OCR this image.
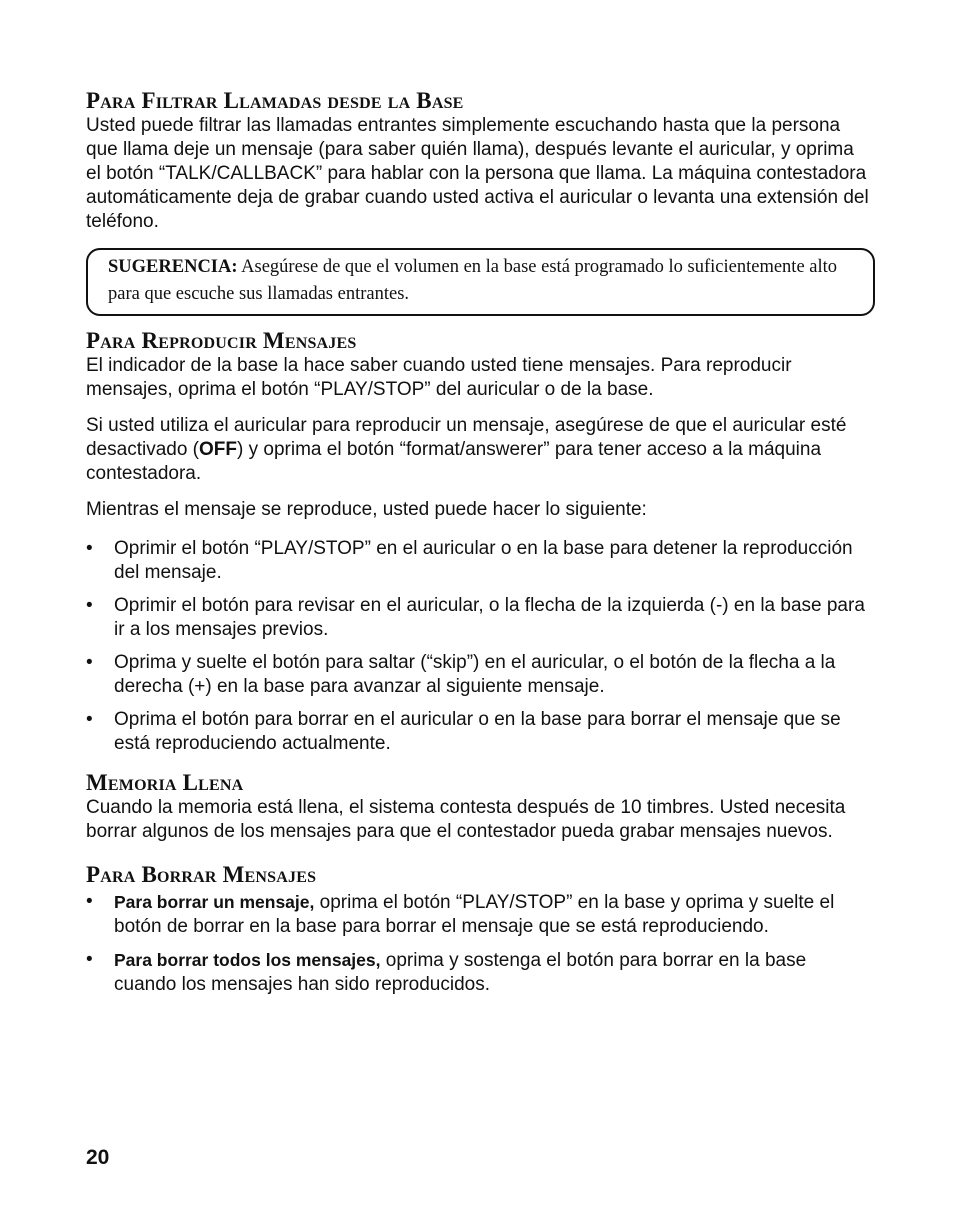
Para Filtrar Llamadas desde la Base

Usted puede filtrar las llamadas entrantes simplemente escuchando hasta que la persona que llama deje un mensaje (para saber quién llama), después levante el auricular, y oprima el botón “TALK/CALLBACK” para hablar con la persona que llama. La máquina contestadora automáticamente deja de grabar cuando usted activa el auricular o levanta una extensión del teléfono.

SUGERENCIA: Asegúrese de que el volumen en la base está programado lo suficientemente alto para que escuche sus llamadas entrantes.
Para Reproducir Mensajes

El indicador de la base la hace saber cuando usted tiene mensajes. Para reproducir mensajes, oprima el botón “PLAY/STOP” del auricular o de la base.

Si usted utiliza el auricular para reproducir un mensaje, asegúrese de que el auricular esté desactivado (OFF) y oprima el botón “format/answerer” para tener acceso a la máquina contestadora.

Mientras el mensaje se reproduce, usted puede hacer lo siguiente:

• Oprimir el botón “PLAY/STOP” en el auricular o en la base para detener la reproducción del mensaje.
• Oprimir el botón para revisar en el auricular, o la flecha de la izquierda (-) en la base para ir a los mensajes previos.
• Oprima y suelte el botón para saltar (“skip”) en el auricular, o el botón de la flecha a la derecha (+) en la base para avanzar al siguiente mensaje.
• Oprima el botón para borrar en el auricular o en la base para borrar el mensaje que se está reproduciendo actualmente.
Memoria Llena

Cuando la memoria está llena, el sistema contesta después de 10 timbres. Usted necesita borrar algunos de los mensajes para que el contestador pueda grabar mensajes nuevos.

Para Borrar Mensajes
• Para borrar un mensaje, oprima el botón “PLAY/STOP” en la base y oprima y suelte el botón de borrar en la base para borrar el mensaje que se está reproduciendo.
• Para borrar todos los mensajes, oprima y sostenga el botón para borrar en la base cuando los mensajes han sido reproducidos.
20
